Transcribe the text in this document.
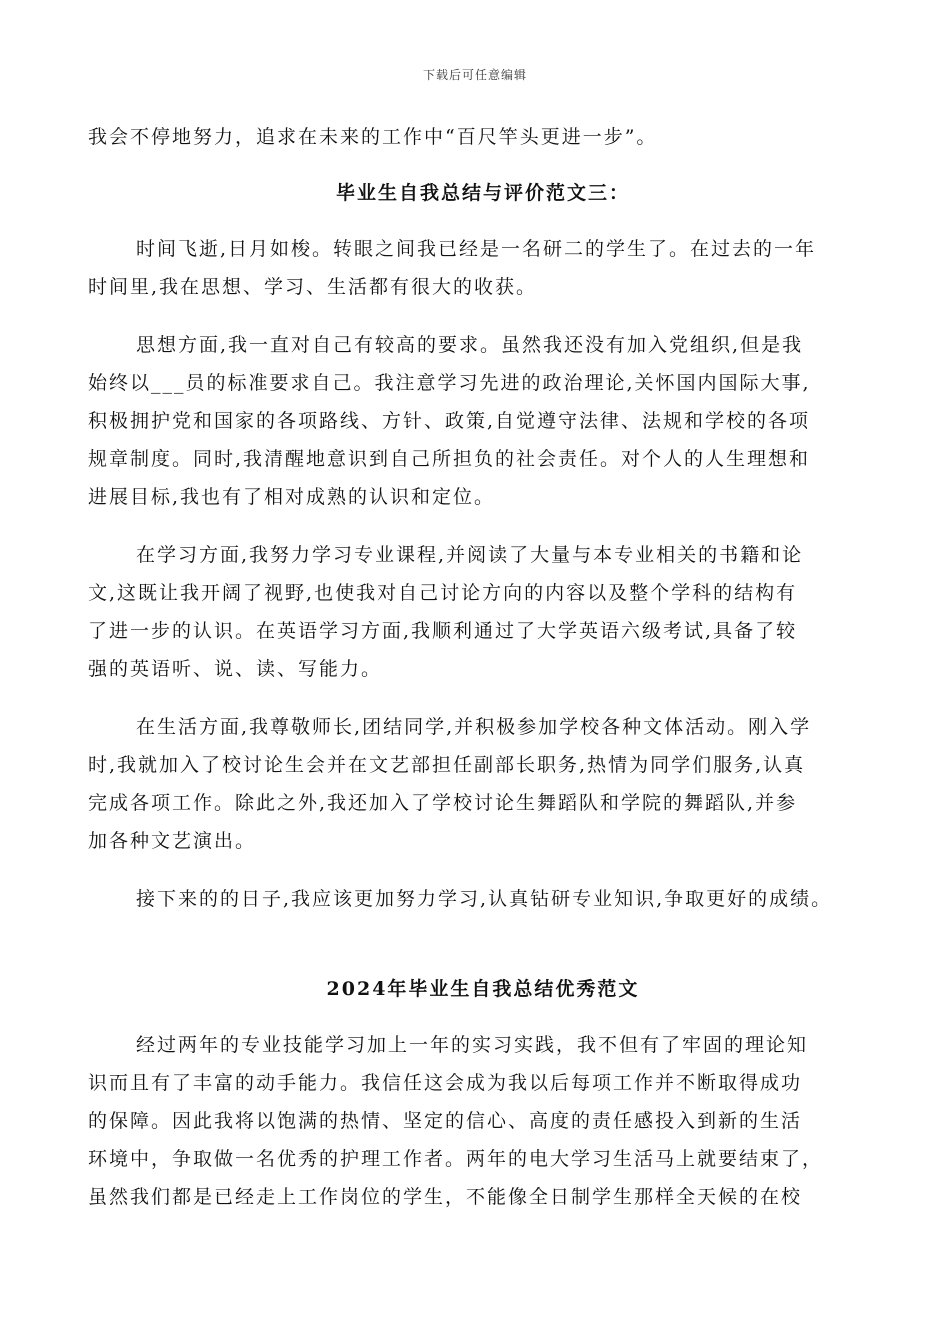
下载后可任意编辑
我会不停地努力，追求在未来的工作中“百尺竿头更进一步”。
毕业生自我总结与评价范文三：
时间飞逝,日月如梭。转眼之间我已经是一名研二的学生了。在过去的一年
时间里,我在思想、学习、生活都有很大的收获。
思想方面,我一直对自己有较高的要求。虽然我还没有加入党组织,但是我
始终以___员的标准要求自己。我注意学习先进的政治理论,关怀国内国际大事,
积极拥护党和国家的各项路线、方针、政策,自觉遵守法律、法规和学校的各项
规章制度。同时,我清醒地意识到自己所担负的社会责任。对个人的人生理想和
进展目标,我也有了相对成熟的认识和定位。
在学习方面,我努力学习专业课程,并阅读了大量与本专业相关的书籍和论
文,这既让我开阔了视野,也使我对自己讨论方向的内容以及整个学科的结构有
了进一步的认识。在英语学习方面,我顺利通过了大学英语六级考试,具备了较
强的英语听、说、读、写能力。
在生活方面,我尊敬师长,团结同学,并积极参加学校各种文体活动。刚入学
时,我就加入了校讨论生会并在文艺部担任副部长职务,热情为同学们服务,认真
完成各项工作。除此之外,我还加入了学校讨论生舞蹈队和学院的舞蹈队,并参
加各种文艺演出。
接下来的的日子,我应该更加努力学习,认真钻研专业知识,争取更好的成绩。
2024年毕业生自我总结优秀范文
经过两年的专业技能学习加上一年的实习实践，我不但有了牢固的理论知
识而且有了丰富的动手能力。我信任这会成为我以后每项工作并不断取得成功
的保障。因此我将以饱满的热情、坚定的信心、高度的责任感投入到新的生活
环境中，争取做一名优秀的护理工作者。两年的电大学习生活马上就要结束了，
虽然我们都是已经走上工作岗位的学生，不能像全日制学生那样全天候的在校
